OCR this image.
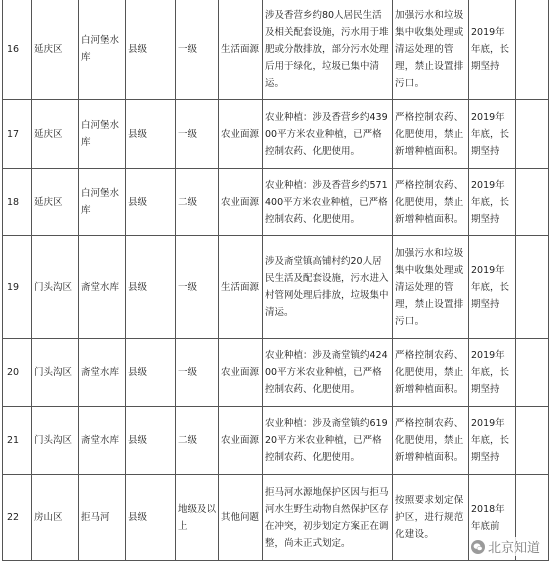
16	延庆区	白河堡水库	县级	一级	生活面源	涉及香营乡约80人居民生活及相关配套设施，污水用于堆肥或分散排放，部分污水处理后用于绿化，垃圾已集中清运。	加强污水和垃圾集中收集处理或清运处理的管理，禁止设置排污口。	2019年年底，长期坚持	
17	延庆区	白河堡水库	县级	一级	农业面源	农业种植：涉及香营乡约43900平方米农业种植，已严格控制农药、化肥使用。	严格控制农药、化肥使用，禁止新增种植面积。	2019年年底，长期坚持	
18	延庆区	白河堡水库	县级	二级	农业面源	农业种植：涉及香营乡约571400平方米农业种植，已严格控制农药、化肥使用。	严格控制农药、化肥使用，禁止新增种植面积。	2019年年底，长期坚持	
19	门头沟区	斋堂水库	县级	一级	生活面源	涉及斋堂镇高铺村约20人居民生活及配套设施，污水进入村管网处理后排放，垃圾集中清运。	加强污水和垃圾集中收集处理或清运处理的管理，禁止设置排污口。	2019年年底，长期坚持	
20	门头沟区	斋堂水库	县级	一级	农业面源	农业种植：涉及斋堂镇约42400平方米农业种植，已严格控制农药、化肥使用。	严格控制农药、化肥使用，禁止新增种植面积。	2019年年底，长期坚持	
21	门头沟区	斋堂水库	县级	二级	农业面源	农业种植：涉及斋堂镇约61920平方米农业种植，已严格控制农药、化肥使用。	严格控制农药、化肥使用，禁止新增种植面积。	2019年年底，长期坚持	
22	房山区	拒马河	县级	地级及以上	其他问题	拒马河水源地保护区因与拒马河水生野生动物自然保护区存在冲突，初步划定方案正在调整，尚未正式划定。	按照要求划定保护区，进行规范化建设。	2018年年底前	
北京知道
